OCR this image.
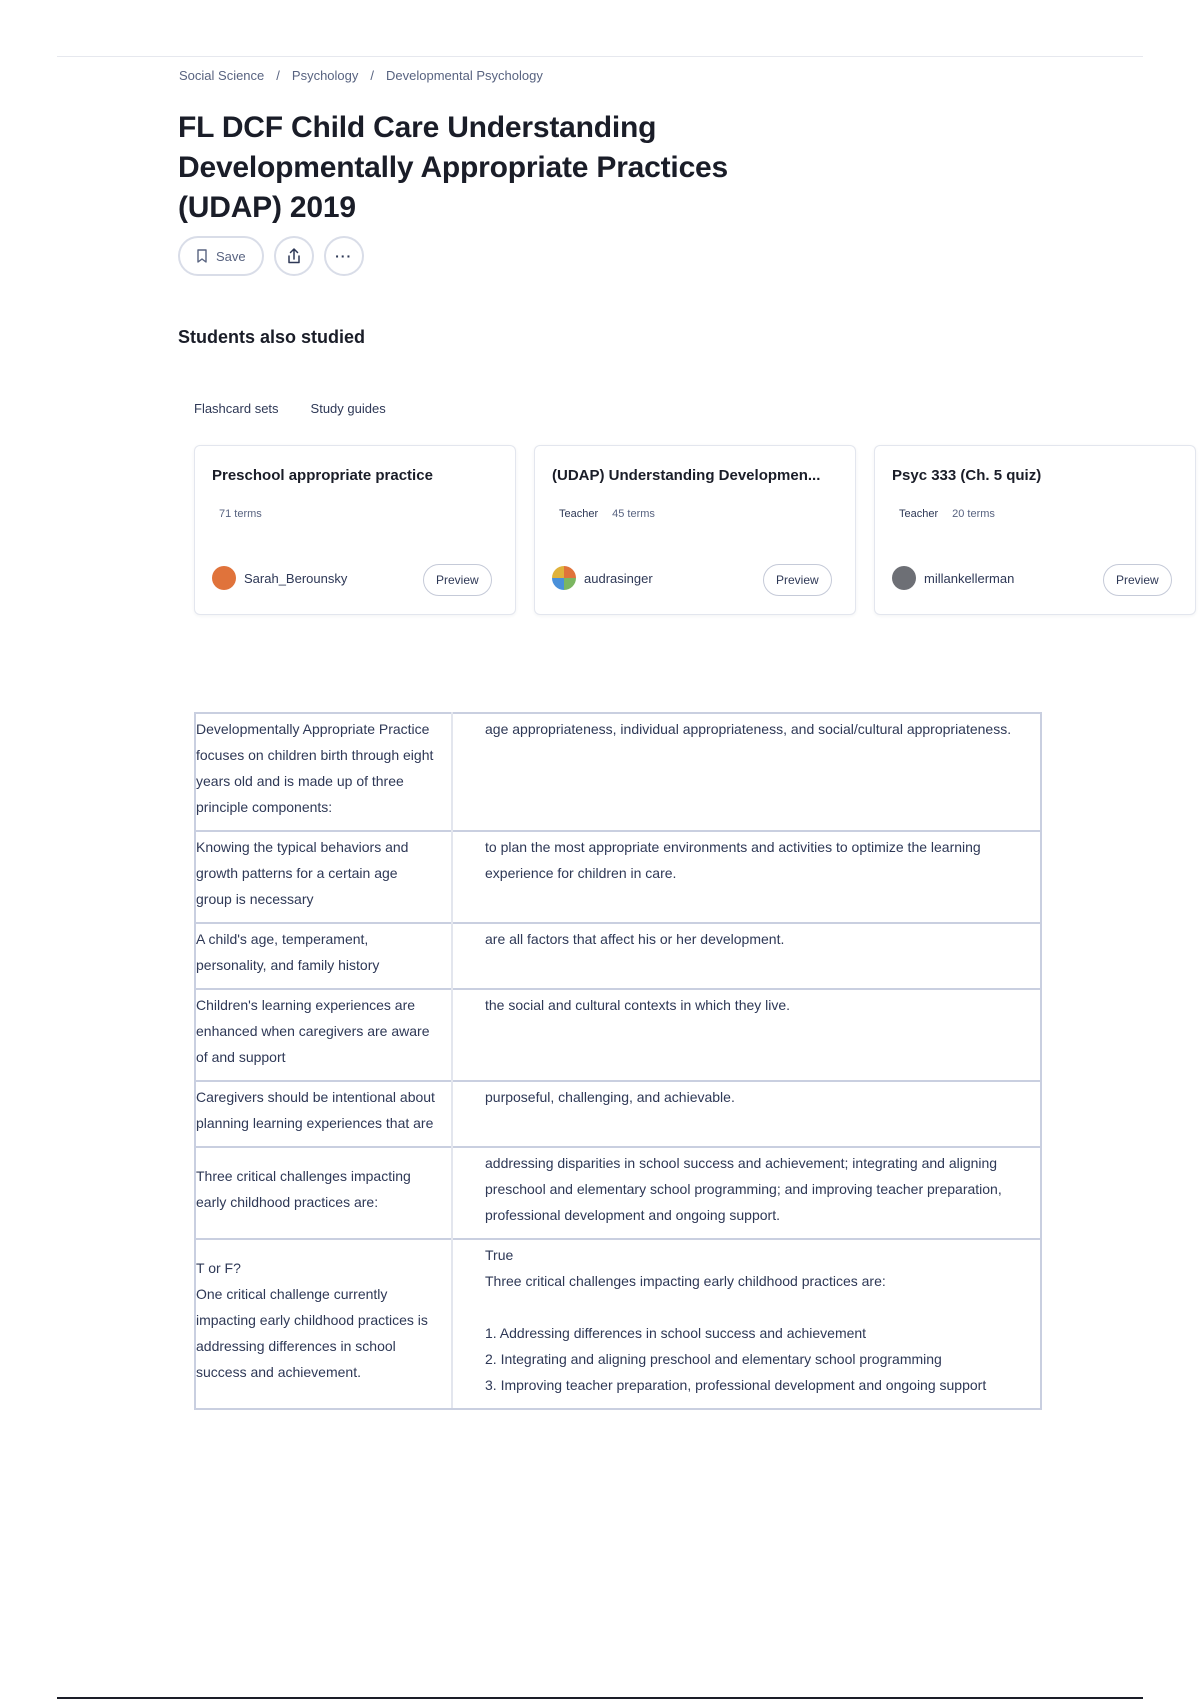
Social Science / Psychology / Developmental Psychology
FL DCF Child Care Understanding Developmentally Appropriate Practices (UDAP) 2019
Save	···
Students also studied
Flashcard sets Study guides
Preschool appropriate practice
71 terms
Sarah_Berounsky	Preview
(UDAP) Understanding Developmen...
Teacher 45 terms
audrasinger	Preview
Psyc 333 (Ch. 5 quiz)
Teacher 20 terms
millankellerman	Preview
Developmentally Appropriate Practice focuses on children birth through eight years old and is made up of three principle components:	age appropriateness, individual appropriateness, and social/cultural appropriateness.
Knowing the typical behaviors and growth patterns for a certain age group is necessary	to plan the most appropriate environments and activities to optimize the learning experience for children in care.
A child's age, temperament, personality, and family history	are all factors that affect his or her development.
Children's learning experiences are enhanced when caregivers are aware of and support	the social and cultural contexts in which they live.
Caregivers should be intentional about planning learning experiences that are	purposeful, challenging, and achievable.
Three critical challenges impacting early childhood practices are:	addressing disparities in school success and achievement; integrating and aligning preschool and elementary school programming; and improving teacher preparation, professional development and ongoing support.
T or F?
One critical challenge currently impacting early childhood practices is addressing differences in school success and achievement.	True
Three critical challenges impacting early childhood practices are:

1. Addressing differences in school success and achievement
2. Integrating and aligning preschool and elementary school programming
3. Improving teacher preparation, professional development and ongoing support
